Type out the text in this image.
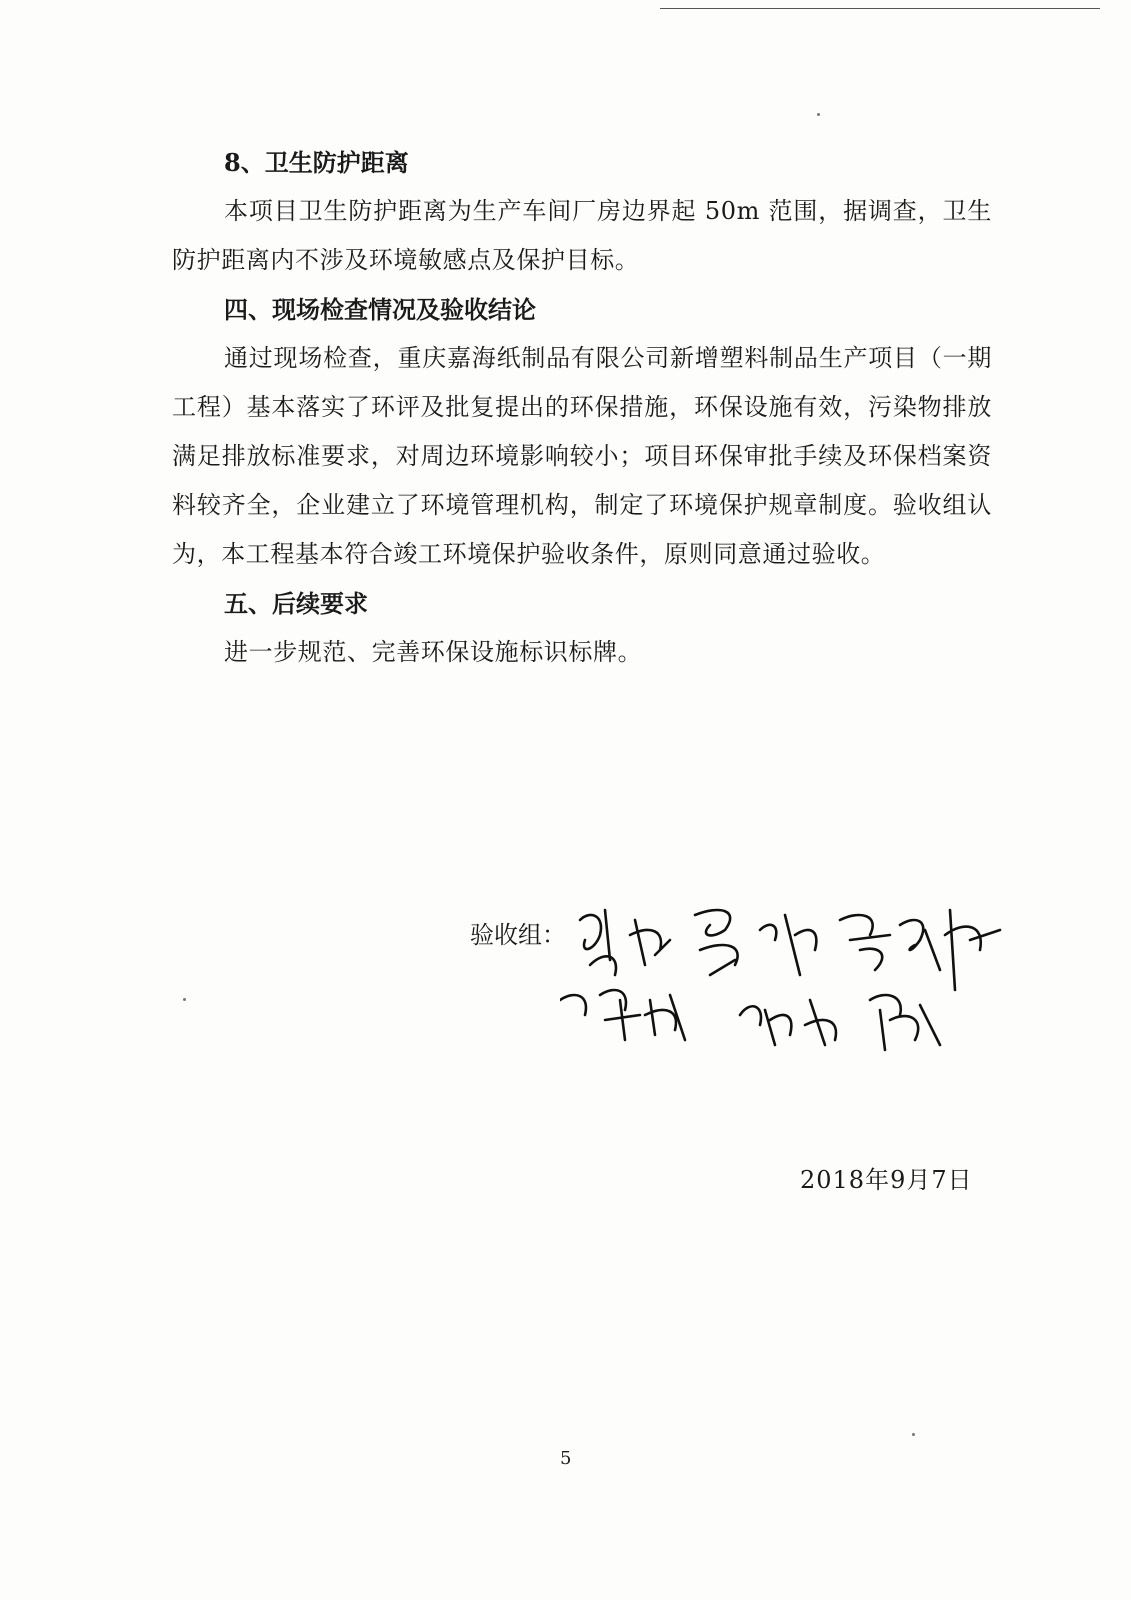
8、卫生防护距离

本项目卫生防护距离为生产车间厂房边界起 50m 范围，据调查，卫生防护距离内不涉及环境敏感点及保护目标。

四、现场检查情况及验收结论

通过现场检查，重庆嘉海纸制品有限公司新增塑料制品生产项目（一期工程）基本落实了环评及批复提出的环保措施，环保设施有效，污染物排放满足排放标准要求，对周边环境影响较小；项目环保审批手续及环保档案资料较齐全，企业建立了环境管理机构，制定了环境保护规章制度。验收组认为，本工程基本符合竣工环境保护验收条件，原则同意通过验收。

五、后续要求

进一步规范、完善环保设施标识标牌。

验收组：
2018年9月7日
5
